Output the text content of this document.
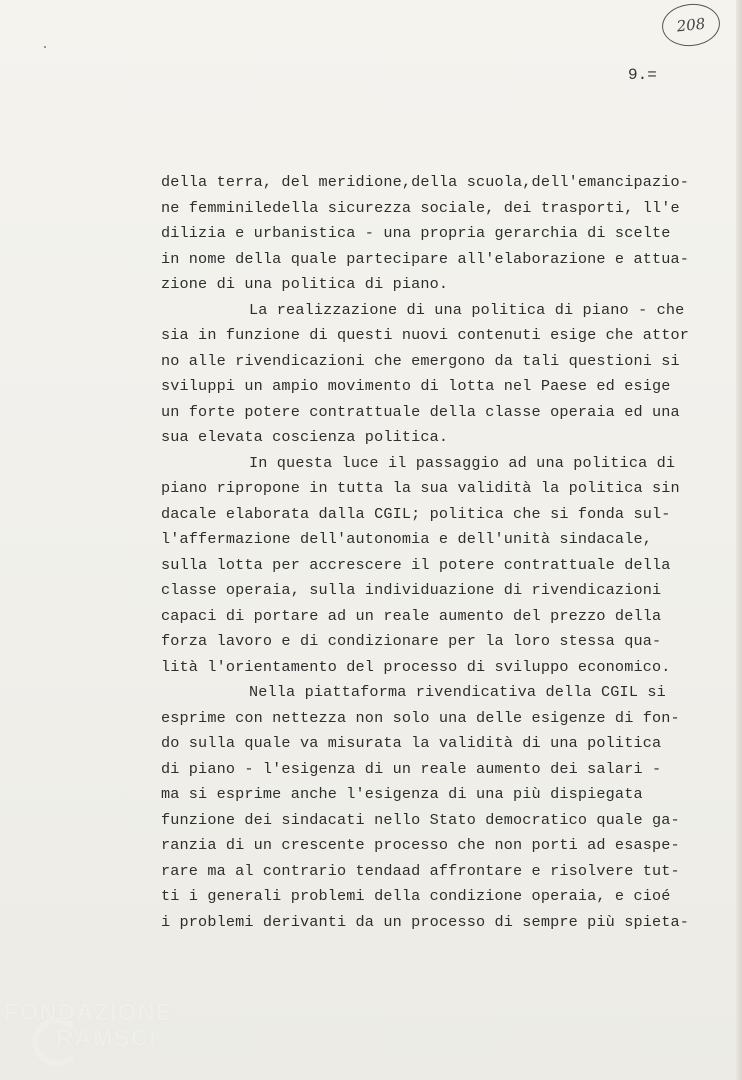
208
9.=
della terra, del meridione,della scuola,dell'emancipazio-
ne femminiledella sicurezza sociale, dei trasporti, ll'e
dilizia e urbanistica - una propria gerarchia di scelte
in nome della quale partecipare all'elaborazione e attua-
zione di una politica di piano.
La realizzazione di una politica di piano - che
sia in funzione di questi nuovi contenuti esige che attor
no alle rivendicazioni che emergono da tali questioni si
sviluppi un ampio movimento di lotta nel Paese ed esige
un forte potere contrattuale della classe operaia ed una
sua elevata coscienza politica.
In questa luce il passaggio ad una politica di
piano ripropone in tutta la sua validità la politica sin
dacale elaborata dalla CGIL; politica che si fonda sul-
l'affermazione dell'autonomia e dell'unità sindacale,
sulla lotta per accrescere il potere contrattuale della
classe operaia, sulla individuazione di rivendicazioni
capaci di portare ad un reale aumento del prezzo della
forza lavoro e di condizionare per la loro stessa qua-
lità l'orientamento del processo di sviluppo economico.
Nella piattaforma rivendicativa della CGIL si
esprime con nettezza non solo una delle esigenze di fon-
do sulla quale va misurata la validità di una politica
di piano - l'esigenza di un reale aumento dei salari -
ma si esprime anche l'esigenza di una più dispiegata
funzione dei sindacati nello Stato democratico quale ga-
ranzia di un crescente processo che non porti ad esaspe-
rare ma al contrario tendaad affrontare e risolvere tut-
ti i generali problemi della condizione operaia, e cioé
i problemi derivanti da un processo di sempre più spieta-
FONDAZIONE
RAMSCI
